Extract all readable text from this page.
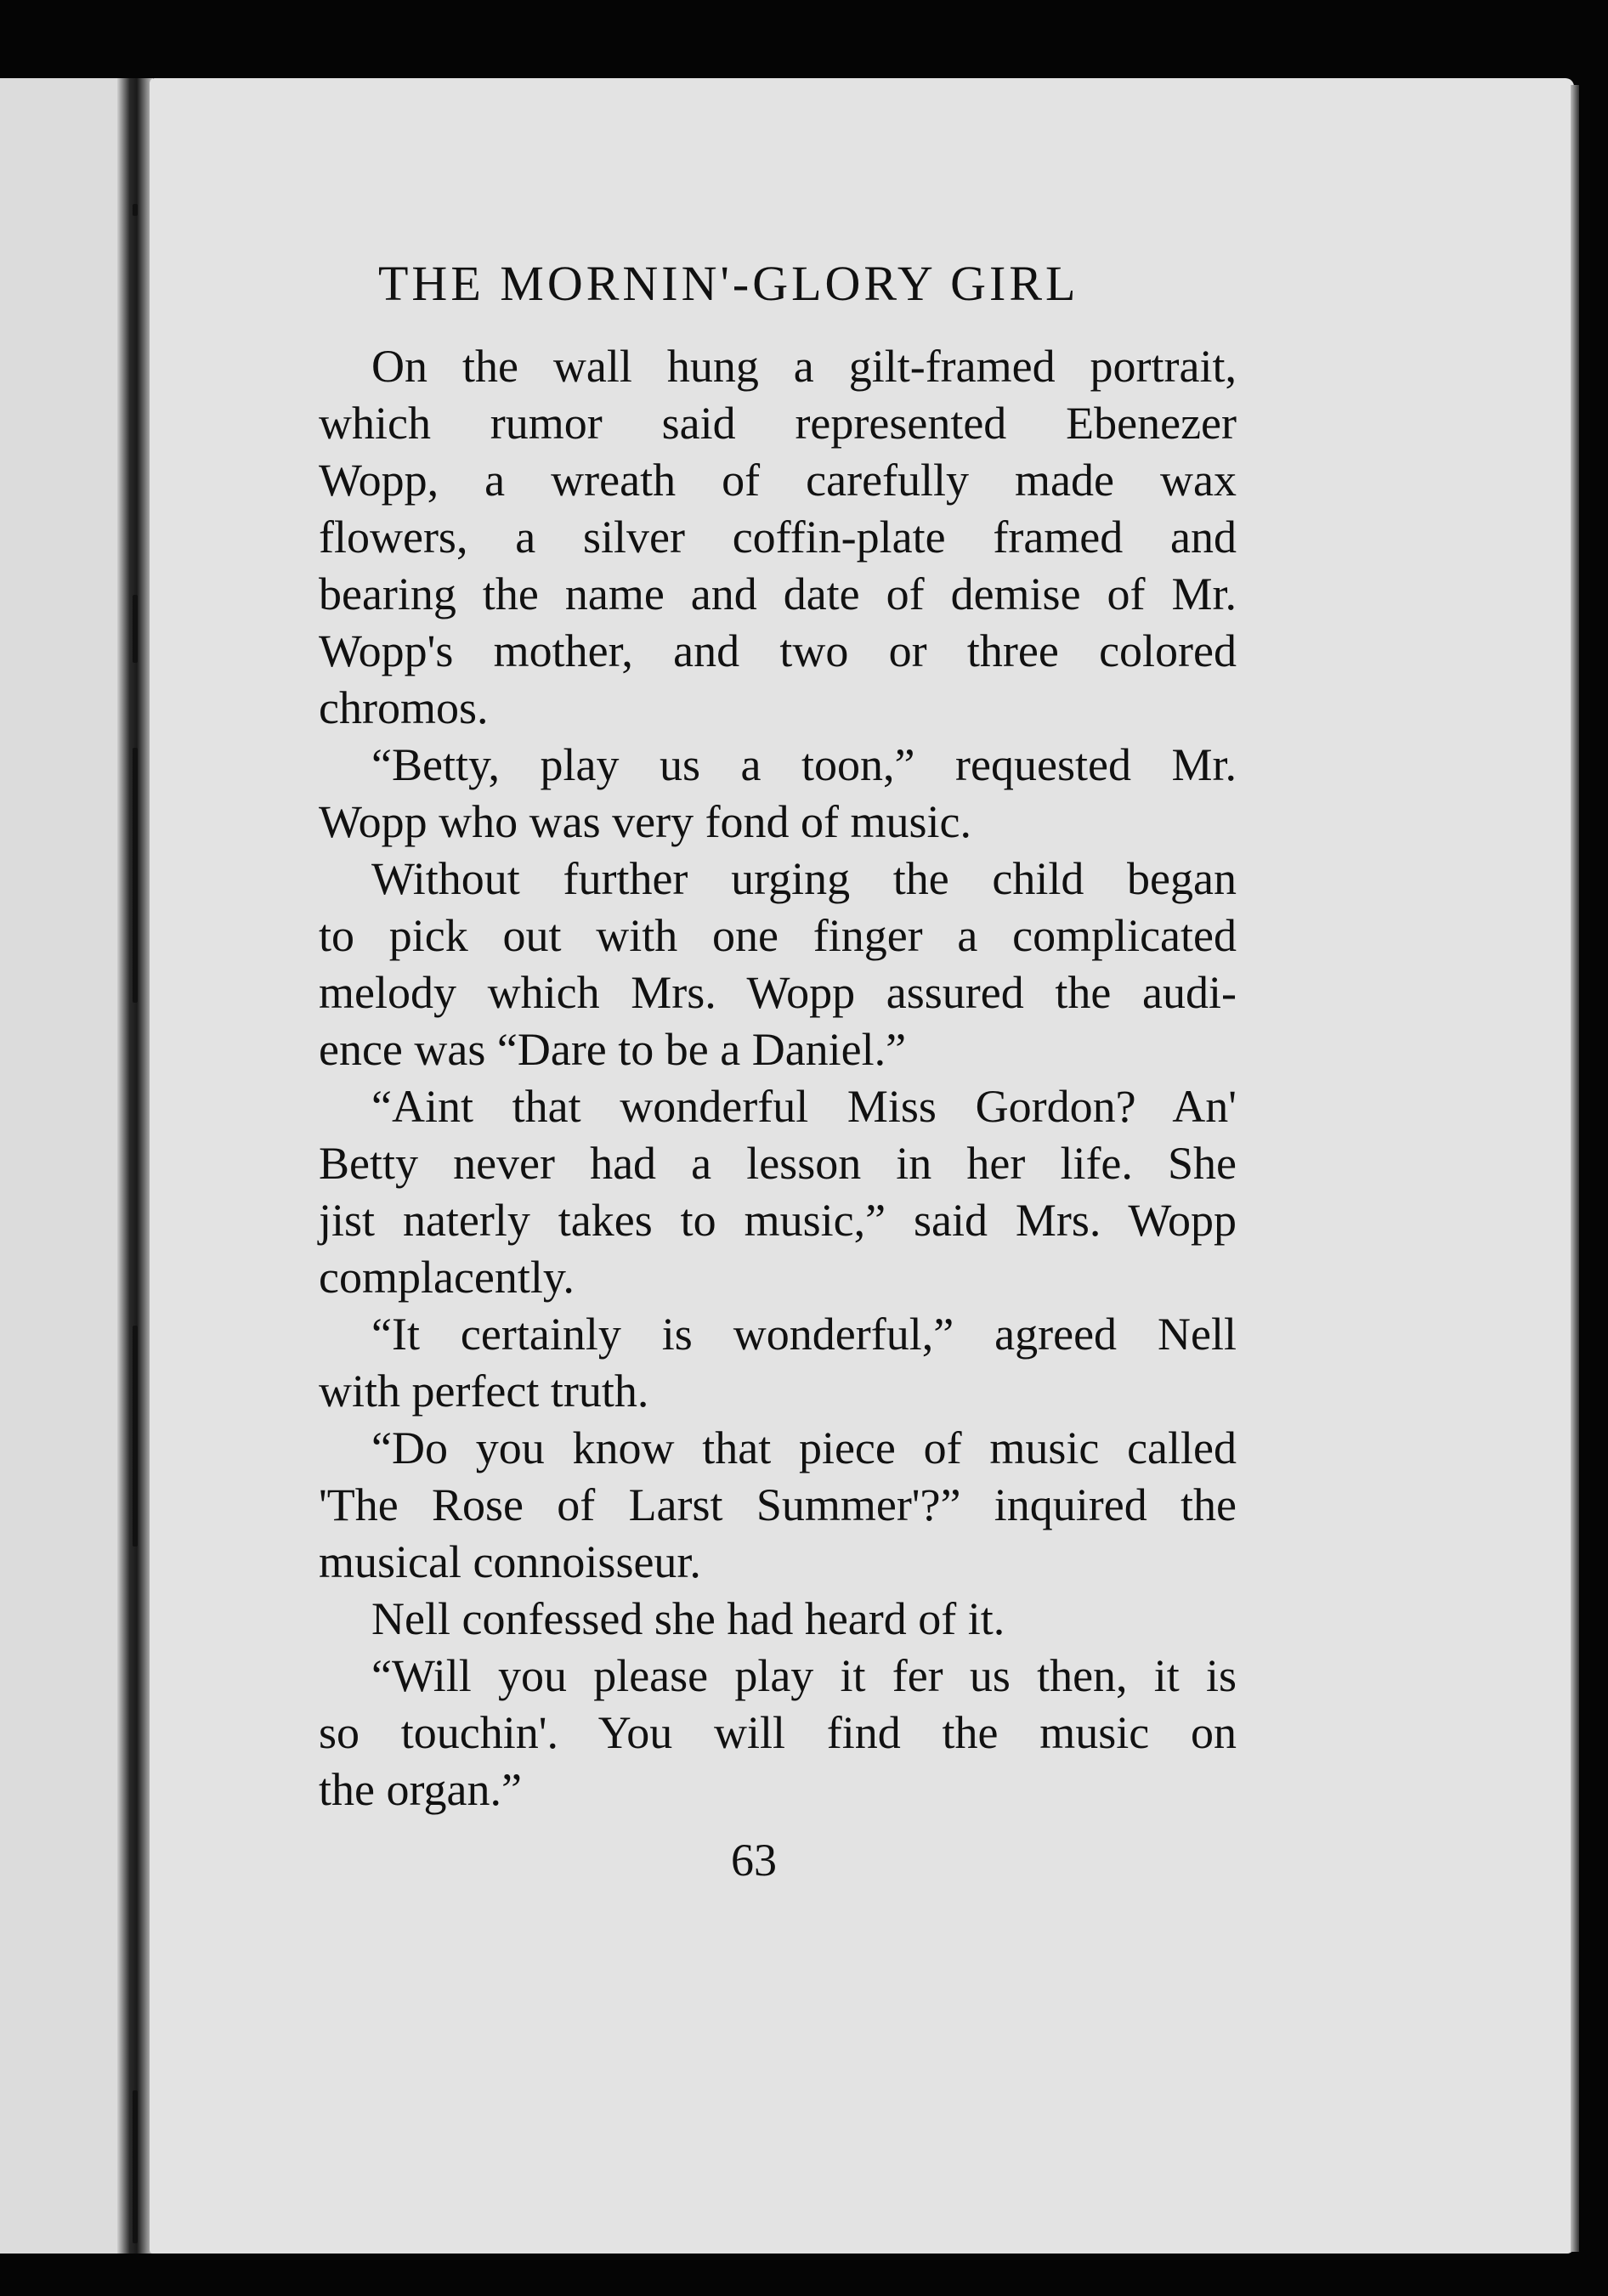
THE MORNIN'-GLORY GIRL
On the wall hung a gilt-framed portrait,
which rumor said represented Ebenezer
Wopp, a wreath of carefully made wax
flowers, a silver coffin-plate framed and
bearing the name and date of demise of Mr.
Wopp's mother, and two or three colored
chromos.
“Betty, play us a toon,” requested Mr.
Wopp who was very fond of music.
Without further urging the child began
to pick out with one finger a complicated
melody which Mrs. Wopp assured the audi-
ence was “Dare to be a Daniel.”
“Aint that wonderful Miss Gordon? An'
Betty never had a lesson in her life. She
jist naterly takes to music,” said Mrs. Wopp
complacently.
“It certainly is wonderful,” agreed Nell
with perfect truth.
“Do you know that piece of music called
'The Rose of Larst Summer'?” inquired the
musical connoisseur.
Nell confessed she had heard of it.
“Will you please play it fer us then, it is
so touchin'. You will find the music on
the organ.”
63
